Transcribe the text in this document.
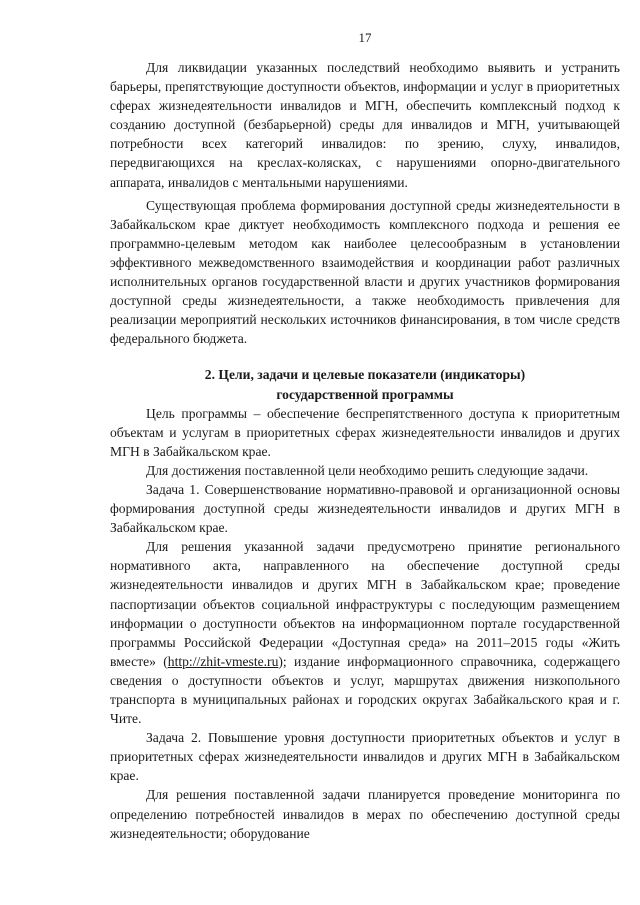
17

Для ликвидации указанных последствий необходимо выявить и устранить барьеры, препятствующие доступности объектов, информации и услуг в приоритетных сферах жизнедеятельности инвалидов и МГН, обеспечить комплексный подход к созданию доступной (безбарьерной) среды для инвалидов и МГН, учитывающей потребности всех категорий инвалидов: по зрению, слуху, инвалидов, передвигающихся на креслах-колясках, с нарушениями опорно-двигательного аппарата, инвалидов с ментальными нарушениями.

Существующая проблема формирования доступной среды жизнедеятельности в Забайкальском крае диктует необходимость комплексного подхода и решения ее программно-целевым методом как наиболее целесообразным в установлении эффективного межведомственного взаимодействия и координации работ различных исполнительных органов государственной власти и других участников формирования доступной среды жизнедеятельности, а также необходимость привлечения для реализации мероприятий нескольких источников финансирования, в том числе средств федерального бюджета.

2. Цели, задачи и целевые показатели (индикаторы)
государственной программы

Цель программы – обеспечение беспрепятственного доступа к приоритетным объектам и услугам в приоритетных сферах жизнедеятельности инвалидов и других МГН в Забайкальском крае.

Для достижения поставленной цели необходимо решить следующие задачи.

Задача 1. Совершенствование нормативно-правовой и организационной основы формирования доступной среды жизнедеятельности инвалидов и других МГН в Забайкальском крае.

Для решения указанной задачи предусмотрено принятие регионального нормативного акта, направленного на обеспечение доступной среды жизнедеятельности инвалидов и других МГН в Забайкальском крае; проведение паспортизации объектов социальной инфраструктуры с последующим размещением информации о доступности объектов на информационном портале государственной программы Российской Федерации «Доступная среда» на 2011–2015 годы «Жить вместе» (http://zhit-vmeste.ru); издание информационного справочника, содержащего сведения о доступности объектов и услуг, маршрутах движения низкопольного транспорта в муниципальных районах и городских округах Забайкальского края и г. Чите.

Задача 2. Повышение уровня доступности приоритетных объектов и услуг в приоритетных сферах жизнедеятельности инвалидов и других МГН в Забайкальском крае.

Для решения поставленной задачи планируется проведение мониторинга по определению потребностей инвалидов в мерах по обеспечению доступной среды жизнедеятельности; оборудование
